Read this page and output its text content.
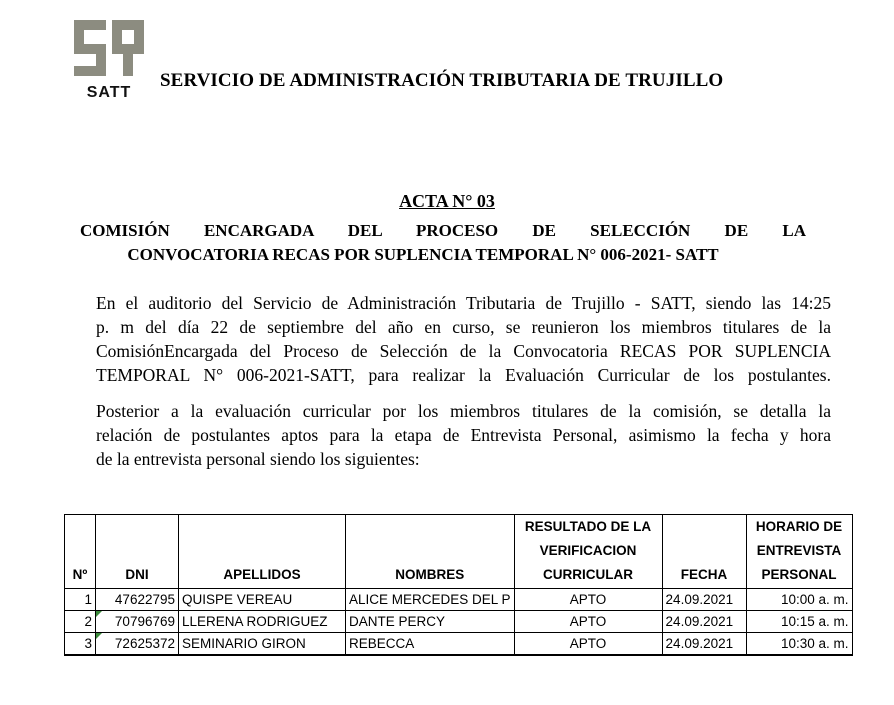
SATT
SERVICIO DE ADMINISTRACIÓN TRIBUTARIA DE TRUJILLO
ACTA N° 03
COMISIÓN ENCARGADA DEL PROCESO DE SELECCIÓN DE LA
CONVOCATORIA RECAS POR SUPLENCIA TEMPORAL N° 006-2021- SATT
En el auditorio del Servicio de Administración Tributaria de Trujillo - SATT, siendo las 14:25
p. m del día 22 de septiembre del año en curso, se reunieron los miembros titulares de la
ComisiónEncargada del Proceso de Selección de la Convocatoria RECAS POR SUPLENCIA
TEMPORAL N° 006-2021-SATT, para realizar la Evaluación Curricular de los postulantes.
Posterior a la evaluación curricular por los miembros titulares de la comisión, se detalla la
relación de postulantes aptos para la etapa de Entrevista Personal, asimismo la fecha y hora
de la entrevista personal siendo los siguientes:
Nº	DNI	APELLIDOS	NOMBRES	RESULTADO DE LA VERIFICACION CURRICULAR	FECHA	HORARIO DE ENTREVISTA PERSONAL
1	47622795	QUISPE VEREAU	ALICE MERCEDES DEL P	APTO	24.09.2021	10:00 a. m.
2	70796769	LLERENA RODRIGUEZ	DANTE PERCY	APTO	24.09.2021	10:15 a. m.
3	72625372	SEMINARIO GIRON	REBECCA	APTO	24.09.2021	10:30 a. m.
